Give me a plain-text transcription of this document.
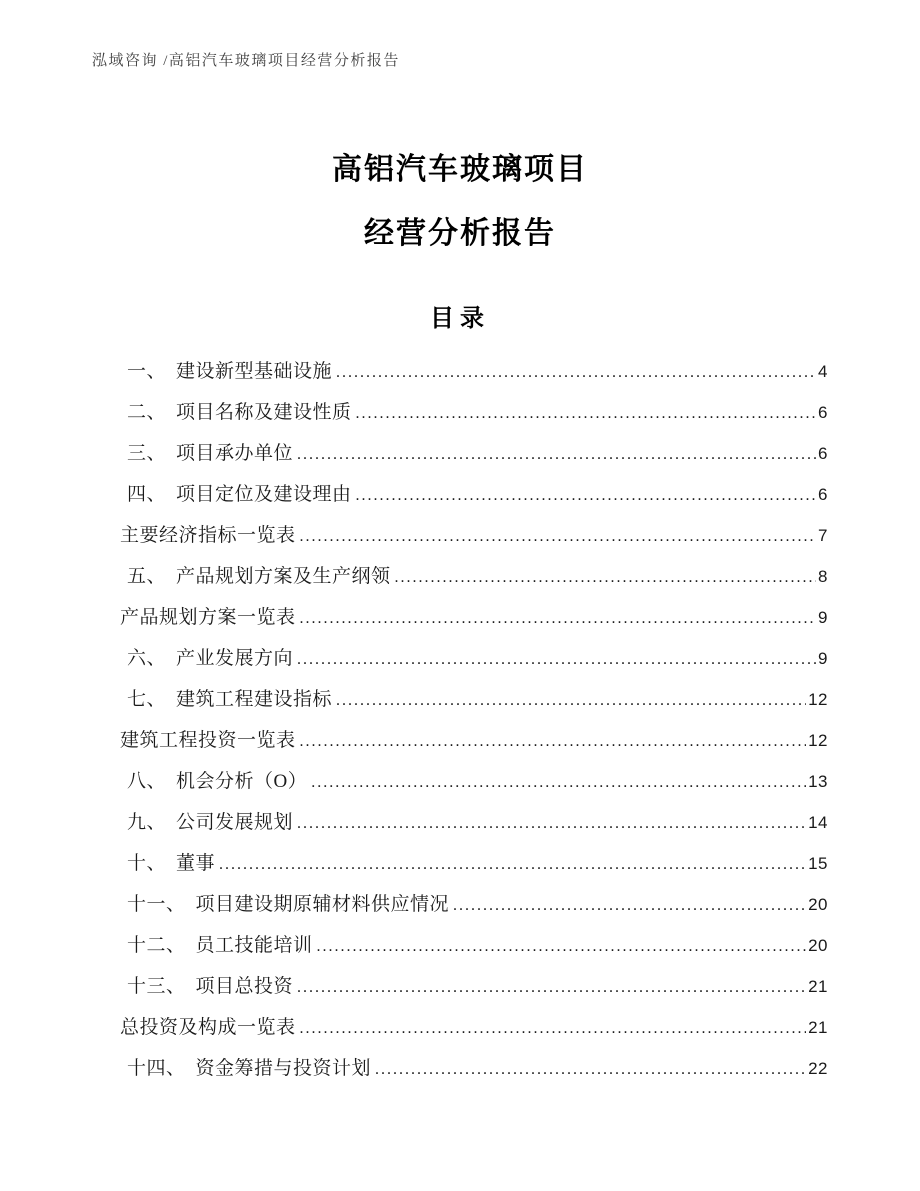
泓域咨询 /高铝汽车玻璃项目经营分析报告
高铝汽车玻璃项目
经营分析报告
目录
一、 建设新型基础设施 .....	4
二、 项目名称及建设性质 .....	6
三、 项目承办单位 .....	6
四、 项目定位及建设理由 .....	6
主要经济指标一览表 .....	7
五、 产品规划方案及生产纲领 .....	8
产品规划方案一览表 .....	9
六、 产业发展方向 .....	9
七、 建筑工程建设指标 .....	12
建筑工程投资一览表 .....	12
八、 机会分析（O） .....	13
九、 公司发展规划 .....	14
十、 董事 .....	15
十一、 项目建设期原辅材料供应情况 .....	20
十二、 员工技能培训 .....	20
十三、 项目总投资 .....	21
总投资及构成一览表 .....	21
十四、 资金筹措与投资计划 .....	22
